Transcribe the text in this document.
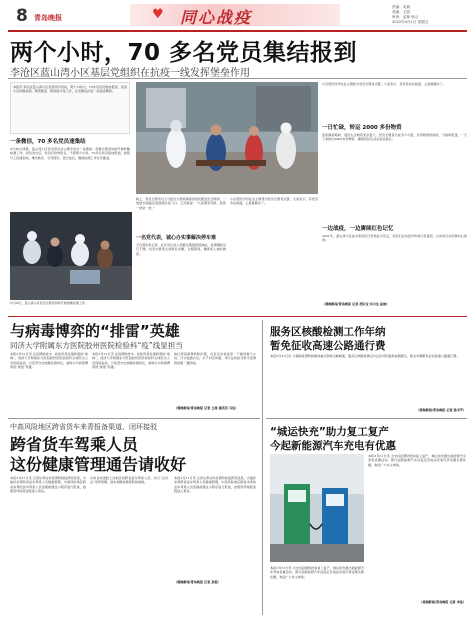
8 青岛晚报	同心战疫
♥	责编：吴斌
美编：王丽
审读：孟林 杨云
2022年4月1日 星期五
两个小时，70 多名党员集结报到
李沧区蓝山湾小区基层党组织在抗疫一线发挥堡垒作用
本报讯 李沧区蓝山湾小区党员闻令而动，两个小时内，70多名党员集结报到，投身小区核酸检测、物资配送、防控值守等工作，让党旗在抗疫一线高高飘扬。
一条微信，70 多名党员速集结
3月30日清晨，蓝山湾小区党支部在业主群中发出一条微信：需要志愿者协助开展核酸检测工作。消息发出后，党员们纷纷报名，不到两个小时，70多名党员集结报到，按照分工迅速到岗，维持秩序、引导居民、登记信息，确保检测工作有序推进。
3月30日，蓝山湾小区党员志愿者协助开展核酸检测工作。
晚上，党员志愿者们又分批次为居家隔离的居民配送生活物资，一袋袋米面蔬菜送到居民家门口。王玲燕说：“大家都是邻居，能帮一把是一把。”
一名党代表，诚心办实事解决停车难
王玲燕告诉记者，社区有位老人需要定期到医院透析，疫情期间出行不便，党员志愿者主动联系车辆，全程陪同，确保老人按时就医。
小区居民纷纷在业主群里为党员志愿者点赞，大家表示，有党员冲在前面，心里就踏实了。
小区居民纷纷在业主群里为党员志愿者点赞，大家表示，有党员冲在前面，心里就踏实了。
一日忙碌，转运 2000 多份物资
居家隔离期间，居民生活物资需求量大，党员志愿者分成多个小组，负责物资的接收、分拣和配送，一天下来转运2000多份物资，确保居民生活必需品供应。
一边战疫，一边赓续红色记忆
2021年，蓝山湾小区成为李沧区红色物业示范点，党员们在抗疫中传承红色基因，以实际行动诠释初心使命。
（观海新闻/青岛晚报 记者 胡以宝 实习生 赵雨）
与病毒博弈的“排雷”英雄
同济大学附属东方医院胶州医院检验科“疫”线显担当
本报3月31日讯 在疫情防控中，检验科是发现病毒的“前哨”，同济大学附属东方医院胶州医院检验科全体医务人员连续奋战，日夜坚守在核酸检测岗位，被称为与病毒博弈的“排雷”英雄。
本报3月31日讯 在疫情防控中，检验科是发现病毒的“前哨”，同济大学附属东方医院胶州医院检验科全体医务人员连续奋战，日夜坚守在核酸检测岗位，被称为与病毒博弈的“排雷”英雄。
他们穿着厚厚的防护服，在负压实验室里一干就是数个小时，汗水湿透衣衫，从不叫苦叫累，用专业和担当筑牢疫情防控第一道防线。
（观海新闻/青岛晚报 记者 王涛 通讯员 马洁）
中高风险地区跨省货车来青报备渠道、闭环接驳
跨省货车驾乘人员
这份健康管理通告请收好
本报3月31日讯 记者从青岛市疫情防控指挥部获悉，为做好来青跨省货车驾乘人员健康管理，中高风险地区跨省来青的货车驾乘人员需提前通过小程序进行报备，按照闭环接驳流程进入青岛。
对来自或途经上述地区的跨省货车驾乘人员，实行“点对点”闭环管理，落实核酸检测等防控措施。
本报3月31日讯 记者从青岛市疫情防控指挥部获悉，为做好来青跨省货车驾乘人员健康管理，中高风险地区跨省来青的货车驾乘人员需提前通过小程序进行报备，按照闭环接驳流程进入青岛。
（观海新闻/青岛晚报 记者 孙雯）
服务区核酸检测工作年纳
暂免征收高速公路通行费
本报3月31日讯 为保障疫情防控期间重点物资运输畅通，服务区核酸检测点为过往司机提供检测服务，相关车辆暂免征收高速公路通行费。
（观海新闻/青岛晚报 记者 骆书平）
“城运快充”助力复工复产
今起新能源汽车充电有优惠
本报3月31日讯 为支持疫情防控和复工复产，城运快充推出新能源汽车充电优惠活动，即日起新能源汽车在指定充电站充电可享受服务费优惠，欢迎广大车主体验。
本报3月31日讯 为支持疫情防控和复工复产，城运快充推出新能源汽车充电优惠活动，即日起新能源汽车在指定充电站充电可享受服务费优惠，欢迎广大车主体验。
（观海新闻/青岛晚报 记者 李佳）
